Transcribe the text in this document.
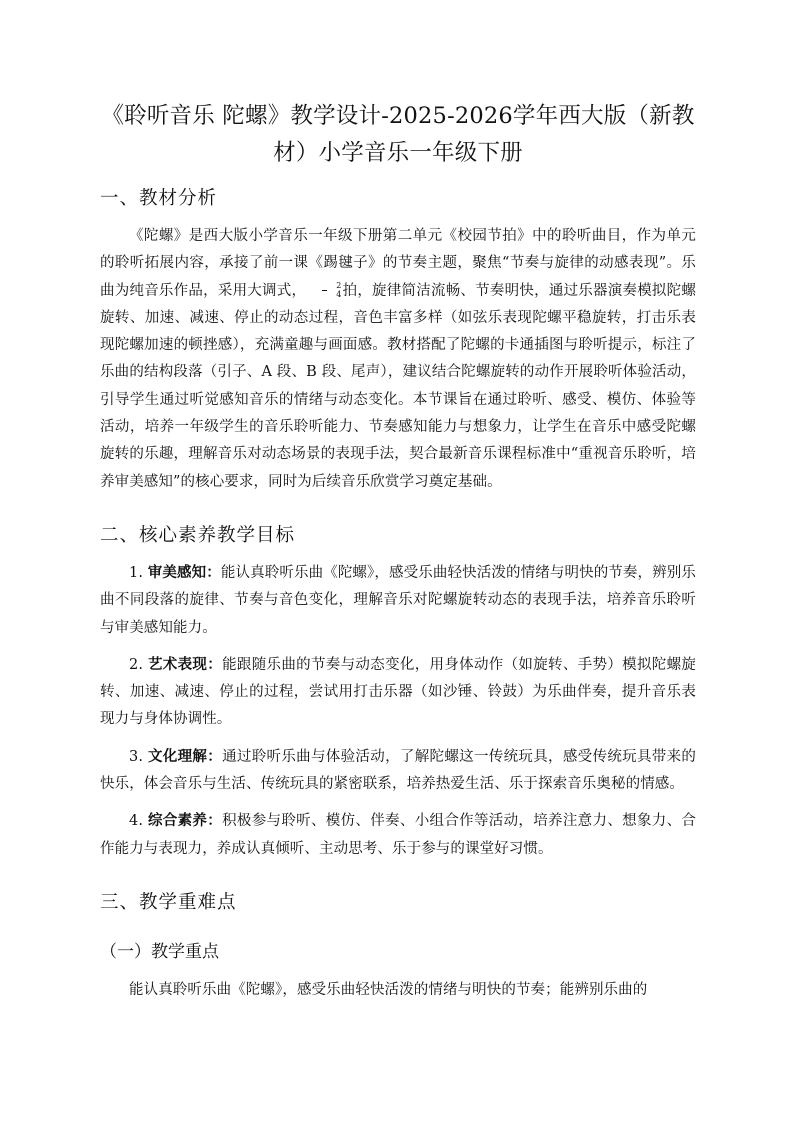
《聆听音乐 陀螺》教学设计-2025-2026学年西大版（新教材）小学音乐一年级下册
一、教材分析

《陀螺》是西大版小学音乐一年级下册第二单元《校园节拍》中的聆听曲目，作为单元的聆听拓展内容，承接了前一课《踢毽子》的节奏主题，聚焦“节奏与旋律的动感表现”。乐曲为纯音乐作品，采用大调式， $\frac{2}{4}$ 拍，旋律简洁流畅、节奏明快，通过乐器演奏模拟陀螺旋转、加速、减速、停止的动态过程，音色丰富多样（如弦乐表现陀螺平稳旋转，打击乐表现陀螺加速的顿挫感），充满童趣与画面感。教材搭配了陀螺的卡通插图与聆听提示，标注了乐曲的结构段落（引子、A 段、B 段、尾声），建议结合陀螺旋转的动作开展聆听体验活动，引导学生通过听觉感知音乐的情绪与动态变化。本节课旨在通过聆听、感受、模仿、体验等活动，培养一年级学生的音乐聆听能力、节奏感知能力与想象力，让学生在音乐中感受陀螺旋转的乐趣，理解音乐对动态场景的表现手法，契合最新音乐课程标准中“重视音乐聆听，培养审美感知”的核心要求，同时为后续音乐欣赏学习奠定基础。

二、核心素养教学目标

1. 审美感知：能认真聆听乐曲《陀螺》，感受乐曲轻快活泼的情绪与明快的节奏，辨别乐曲不同段落的旋律、节奏与音色变化，理解音乐对陀螺旋转动态的表现手法，培养音乐聆听与审美感知能力。

2. 艺术表现：能跟随乐曲的节奏与动态变化，用身体动作（如旋转、手势）模拟陀螺旋转、加速、减速、停止的过程，尝试用打击乐器（如沙锤、铃鼓）为乐曲伴奏，提升音乐表现力与身体协调性。

3. 文化理解：通过聆听乐曲与体验活动，了解陀螺这一传统玩具，感受传统玩具带来的快乐，体会音乐与生活、传统玩具的紧密联系，培养热爱生活、乐于探索音乐奥秘的情感。

4. 综合素养：积极参与聆听、模仿、伴奏、小组合作等活动，培养注意力、想象力、合作能力与表现力，养成认真倾听、主动思考、乐于参与的课堂好习惯。

三、教学重难点
（一）教学重点

能认真聆听乐曲《陀螺》，感受乐曲轻快活泼的情绪与明快的节奏；能辨别乐曲的
